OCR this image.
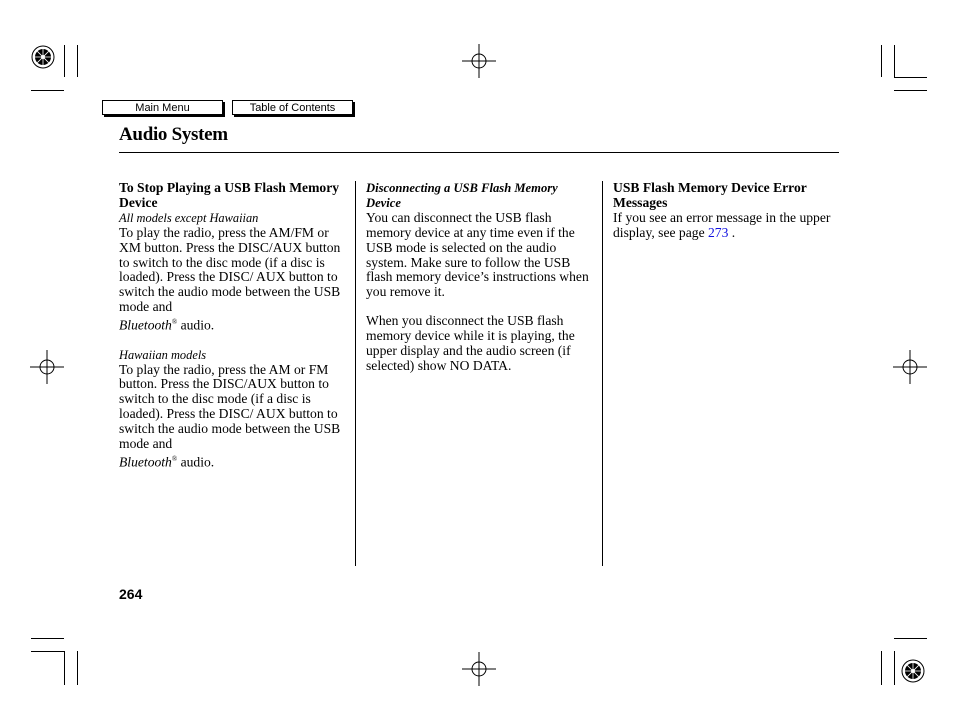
Main Menu	Table of Contents
Audio System

To Stop Playing a USB Flash Memory Device

All models except Hawaiian

To play the radio, press the AM/FM or XM button. Press the DISC/AUX button to switch to the disc mode (if a disc is loaded). Press the DISC/ AUX button to switch the audio mode between the USB mode and
Bluetooth® audio.

Hawaiian models

To play the radio, press the AM or FM button. Press the DISC/AUX button to switch to the disc mode (if a disc is loaded). Press the DISC/ AUX button to switch the audio mode between the USB mode and
Bluetooth® audio.

Disconnecting a USB Flash Memory Device

You can disconnect the USB flash memory device at any time even if the USB mode is selected on the audio system. Make sure to follow the USB flash memory device’s instructions when you remove it.

When you disconnect the USB flash memory device while it is playing, the upper display and the audio screen (if selected) show NO DATA.

USB Flash Memory Device Error Messages

If you see an error message in the upper display, see page 273 .

264
